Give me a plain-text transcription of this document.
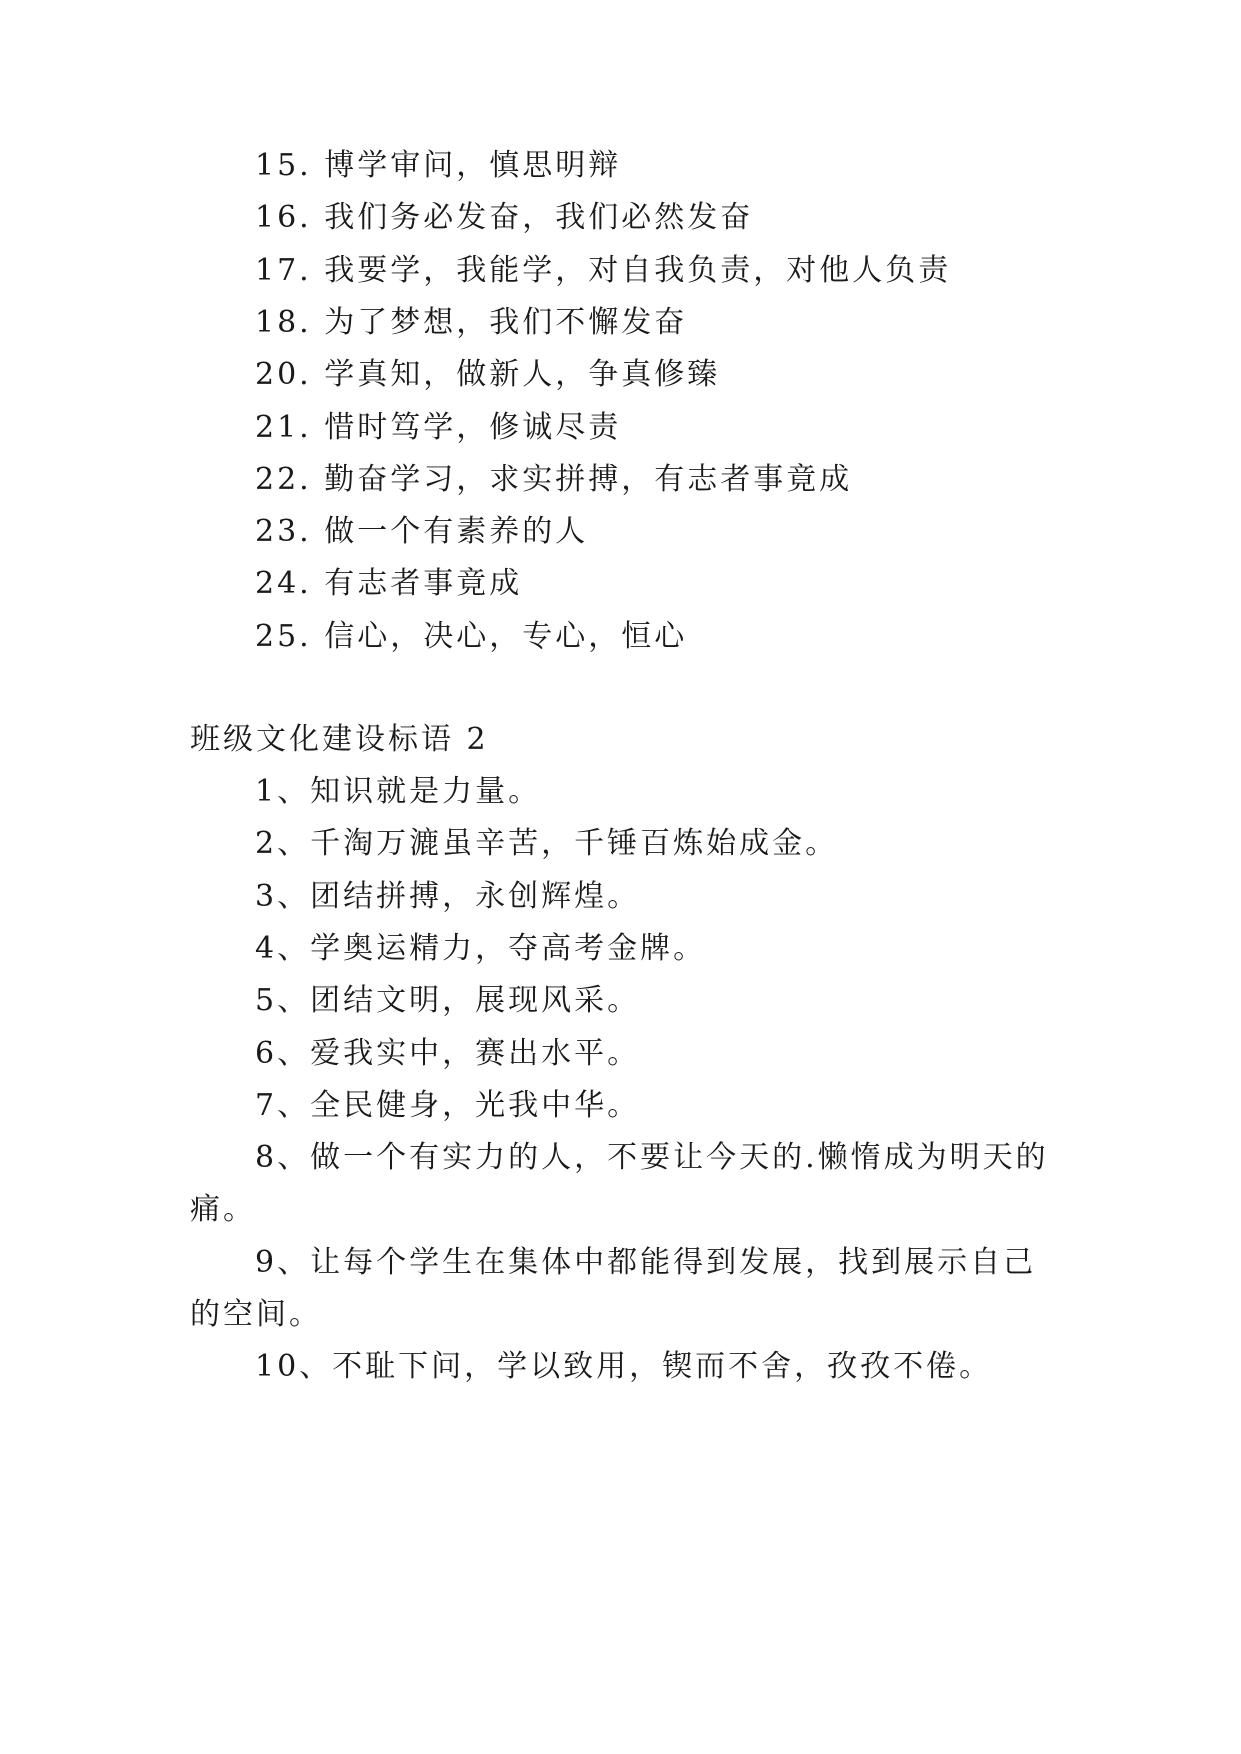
15. 博学审问，慎思明辩
16. 我们务必发奋，我们必然发奋
17. 我要学，我能学，对自我负责，对他人负责
18. 为了梦想，我们不懈发奋
20. 学真知，做新人，争真修臻
21. 惜时笃学，修诚尽责
22. 勤奋学习，求实拼搏，有志者事竟成
23. 做一个有素养的人
24. 有志者事竟成
25. 信心，决心，专心，恒心
班级文化建设标语 2
1、知识就是力量。
2、千淘万漉虽辛苦，千锤百炼始成金。
3、团结拼搏，永创辉煌。
4、学奥运精力，夺高考金牌。
5、团结文明，展现风采。
6、爱我实中，赛出水平。
7、全民健身，光我中华。
8、做一个有实力的人，不要让今天的.懒惰成为明天的
痛。
9、让每个学生在集体中都能得到发展，找到展示自己
的空间。
10、不耻下问，学以致用，锲而不舍，孜孜不倦。
